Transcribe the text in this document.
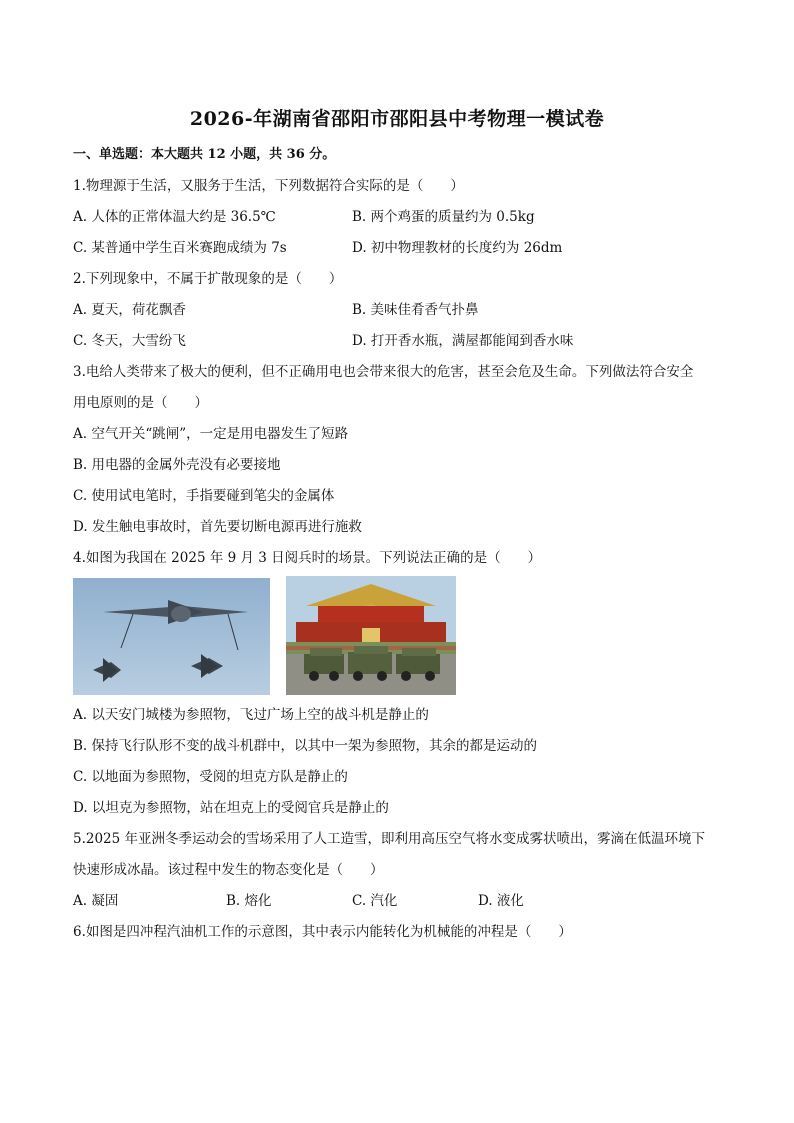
2026-年湖南省邵阳市邵阳县中考物理一模试卷
一、单选题：本大题共 12 小题，共 36 分。
1.物理源于生活，又服务于生活，下列数据符合实际的是（　　）
A. 人体的正常体温大约是 36.5℃	B. 两个鸡蛋的质量约为 0.5kg
C. 某普通中学生百米赛跑成绩为 7s	D. 初中物理教材的长度约为 26dm
2.下列现象中，不属于扩散现象的是（　　）
A. 夏天，荷花飘香	B. 美味佳肴香气扑鼻
C. 冬天，大雪纷飞	D. 打开香水瓶，满屋都能闻到香水味
3.电给人类带来了极大的便利，但不正确用电也会带来很大的危害，甚至会危及生命。下列做法符合安全
用电原则的是（　　）
A. 空气开关“跳闸”，一定是用电器发生了短路
B. 用电器的金属外壳没有必要接地
C. 使用试电笔时，手指要碰到笔尖的金属体
D. 发生触电事故时，首先要切断电源再进行施救
4.如图为我国在 2025 年 9 月 3 日阅兵时的场景。下列说法正确的是（　　）
A. 以天安门城楼为参照物，飞过广场上空的战斗机是静止的
B. 保持飞行队形不变的战斗机群中，以其中一架为参照物，其余的都是运动的
C. 以地面为参照物，受阅的坦克方队是静止的
D. 以坦克为参照物，站在坦克上的受阅官兵是静止的
5.2025 年亚洲冬季运动会的雪场采用了人工造雪，即利用高压空气将水变成雾状喷出，雾滴在低温环境下
快速形成冰晶。该过程中发生的物态变化是（　　）
A. 凝固	B. 熔化	C. 汽化	D. 液化
6.如图是四冲程汽油机工作的示意图，其中表示内能转化为机械能的冲程是（　　）
